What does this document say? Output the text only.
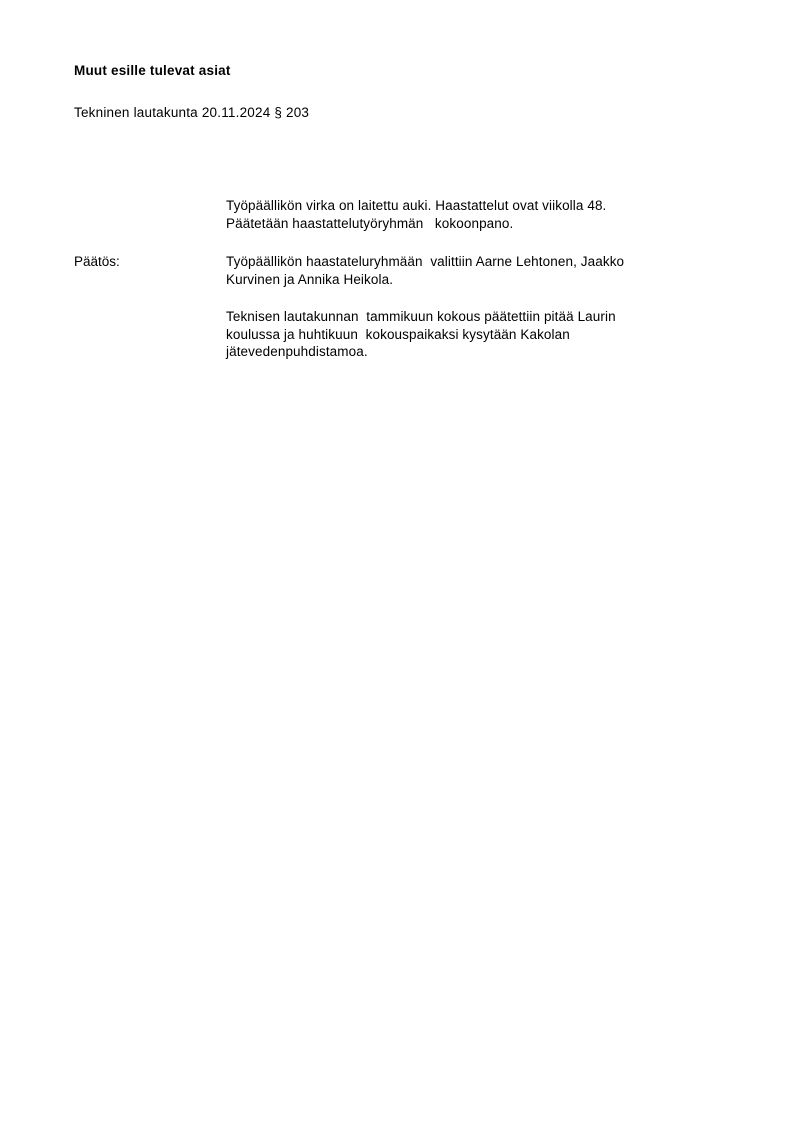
Muut esille tulevat asiat
Tekninen lautakunta 20.11.2024 § 203
Työpäällikön virka on laitettu auki. Haastattelut ovat viikolla 48.
Päätetään haastattelutyöryhmän   kokoonpano.
Päätös:	Työpäällikön haastateluryhmään  valittiin Aarne Lehtonen, Jaakko
Kurvinen ja Annika Heikola.
Teknisen lautakunnan  tammikuun kokous päätettiin pitää Laurin
koulussa ja huhtikuun  kokouspaikaksi kysytään Kakolan
jätevedenpuhdistamoa.
